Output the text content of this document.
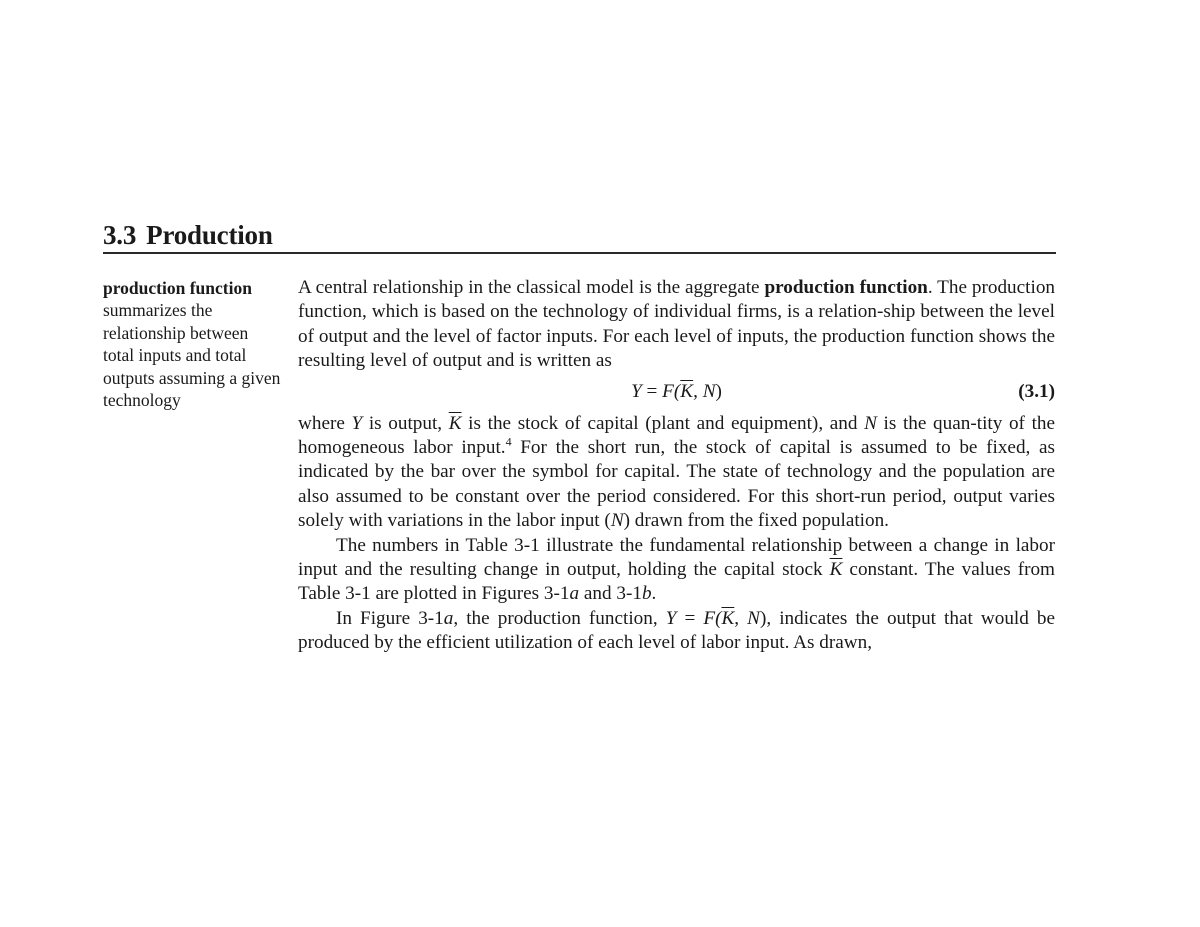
3.3 Production
production function
summarizes the relationship between total inputs and total outputs assuming a given technology

A central relationship in the classical model is the aggregate production function. The production function, which is based on the technology of individual firms, is a relation-ship between the level of output and the level of factor inputs. For each level of inputs, the production function shows the resulting level of output and is written as

$Y = F(\overline{K}$, N)	(3.1)

where Y is output, $\overline{K}$ is the stock of capital (plant and equipment), and N is the quan-tity of the homogeneous labor input.$^4$ For the short run, the stock of capital is assumed to be fixed, as indicated by the bar over the symbol for capital. The state of technology and the population are also assumed to be constant over the period considered. For this short-run period, output varies solely with variations in the labor input (N) drawn from the fixed population.

The numbers in Table 3-1 illustrate the fundamental relationship between a change in labor input and the resulting change in output, holding the capital stock $\overline{K}$ constant. The values from Table 3-1 are plotted in Figures 3-1a and 3-1b.

In Figure 3-1a, the production function, $Y = F(\overline{K}$, N), indicates the output that would be produced by the efficient utilization of each level of labor input. As drawn,
